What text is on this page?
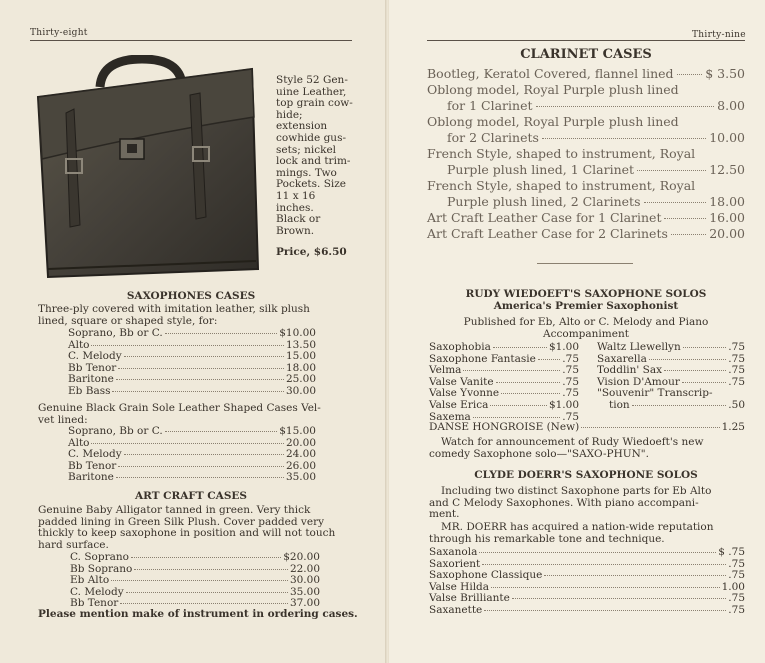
Thirty-eight
Style 52 Gen-
uine Leather,
top grain cow-
hide; extension
cowhide gus-
sets; nickel
lock and trim-
mings. Two
Pockets. Size
11 x 16 inches.
Black or
Brown.
Price, $6.50
SAXOPHONES CASES
Three-ply covered with imitation leather, silk plush
lined, square or shaped style, for:
Genuine Black Grain Sole Leather Shaped Cases Vel-
vet lined:
ART CRAFT CASES
Genuine Baby Alligator tanned in green. Very thick
padded lining in Green Silk Plush. Cover padded very
thickly to keep saxophone in position and will not touch
hard surface.
Please mention make of instrument in ordering cases.
Soprano, Bb or C.	$10.00
Alto	13.50
C. Melody	15.00
Bb Tenor	18.00
Baritone	25.00
Eb Bass	30.00
Soprano, Bb or C.	$15.00
Alto	20.00
C. Melody	24.00
Bb Tenor	26.00
Baritone	35.00
C. Soprano	$20.00
Bb Soprano	22.00
Eb Alto	30.00
C. Melody	35.00
Bb Tenor	37.00
Thirty-nine
CLARINET CASES
RUDY WIEDOEFT'S SAXOPHONE SOLOS
America's Premier Saxophonist
Published for Eb, Alto or C. Melody and Piano
Accompaniment
Watch for announcement of Rudy Wiedoeft's new
comedy Saxophone solo—"SAXO-PHUN".
CLYDE DOERR'S SAXOPHONE SOLOS
Including two distinct Saxophone parts for Eb Alto
and C Melody Saxophones. With piano accompani-
ment.
MR. DOERR has acquired a nation-wide reputation
through his remarkable tone and technique.
Bootleg, Keratol Covered, flannel lined	$ 3.50
Oblong model, Royal Purple plush lined
for 1 Clarinet	8.00
Oblong model, Royal Purple plush lined
for 2 Clarinets	10.00
French Style, shaped to instrument, Royal
Purple plush lined, 1 Clarinet	12.50
French Style, shaped to instrument, Royal
Purple plush lined, 2 Clarinets	18.00
Art Craft Leather Case for 1 Clarinet	16.00
Art Craft Leather Case for 2 Clarinets	20.00
Saxophobia	$1.00
Saxophone Fantasie	.75
Velma	.75
Valse Vanite	.75
Valse Yvonne	.75
Valse Erica	$1.00
Saxema	.75
Waltz Llewellyn	.75
Saxarella	.75
Toddlin' Sax	.75
Vision D'Amour	.75
"Souvenir" Transcrip-
tion	.50
DANSE HONGROISE (New)	1.25
Saxanola	$ .75
Saxorient	.75
Saxophone Classique	.75
Valse Hilda	1.00
Valse Brilliante	.75
Saxanette	.75
